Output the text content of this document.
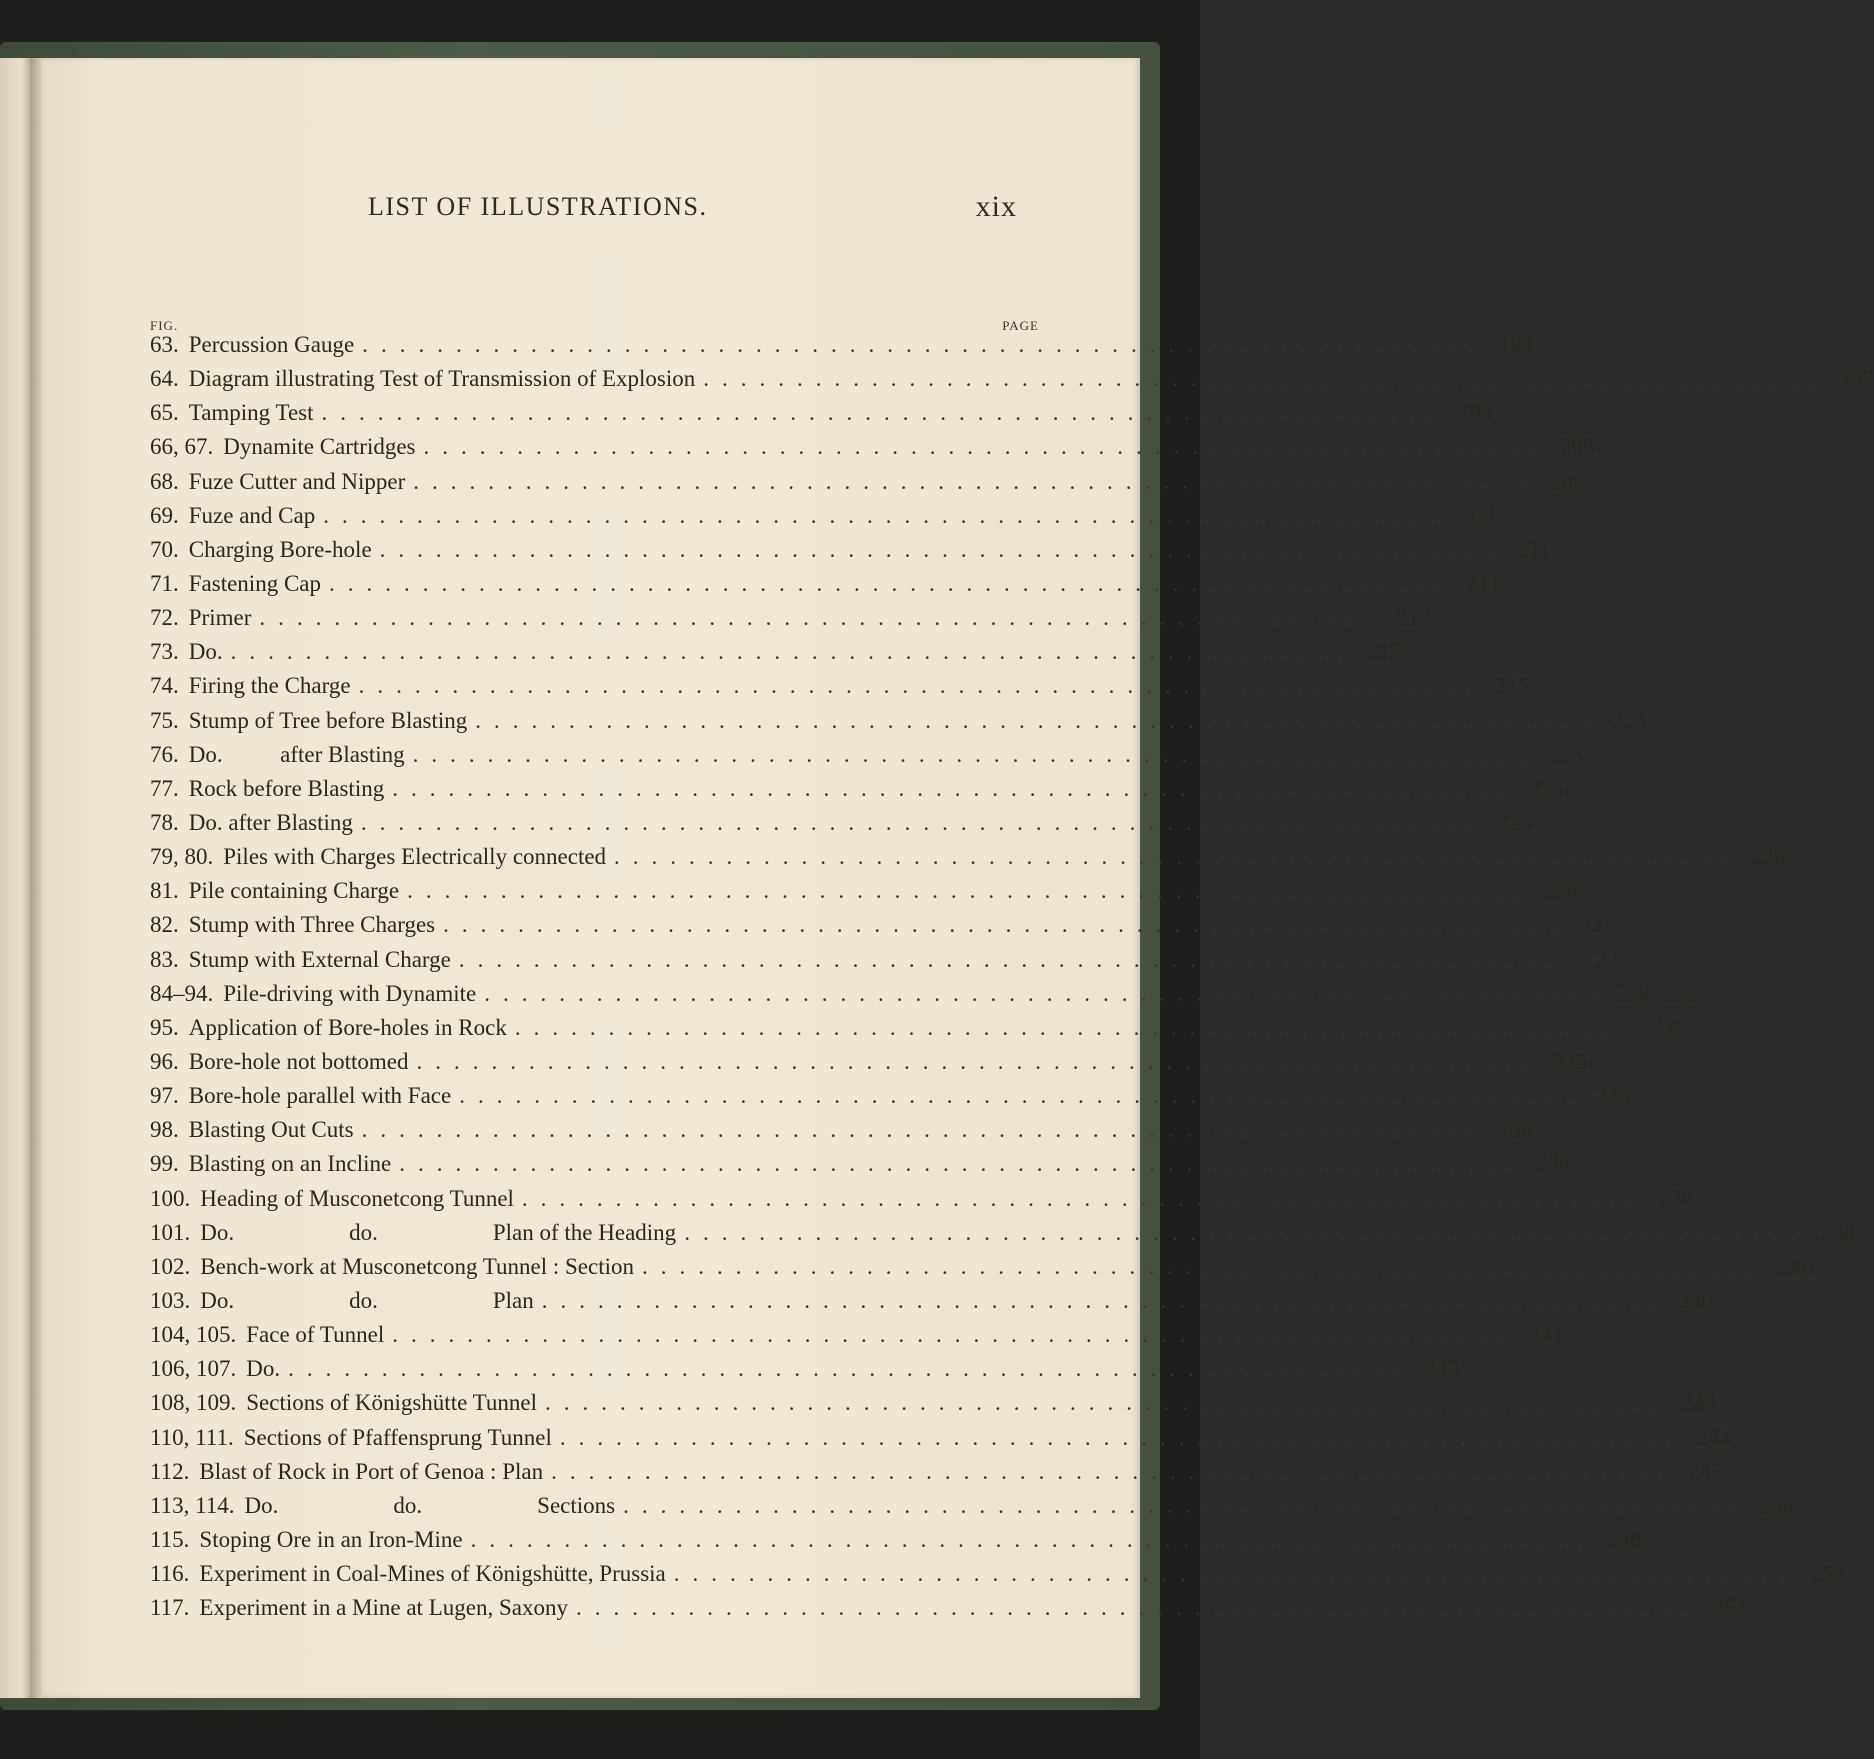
LIST OF ILLUSTRATIONS.	xix
FIG.	PAGE
63. Percussion Gauge ............................................................ 193
64. Diagram illustrating Test of Transmission of Explosion ............................................................ 197
65. Tamping Test ............................................................ 199
66, 67. Dynamite Cartridges ............................................................ 208
68. Fuze Cutter and Nipper ............................................................ 209
69. Fuze and Cap ............................................................ 209
70. Charging Bore-hole ............................................................ 211
71. Fastening Cap ............................................................ 211
72. Primer ............................................................ 212
73. Do. ............................................................ 215
74. Firing the Charge ............................................................ 215
75. Stump of Tree before Blasting ............................................................ 223
76. Do.          after Blasting ............................................................ 223
77. Rock before Blasting ............................................................ 225
78. Do. after Blasting ............................................................ 225
79, 80. Piles with Charges Electrically connected ............................................................ 226
81. Pile containing Charge ............................................................ 226
82. Stump with Three Charges ............................................................ 227
83. Stump with External Charge ............................................................ 227
84–94. Pile-driving with Dynamite ............................................................ 229–232
95. Application of Bore-holes in Rock ............................................................ 235
96. Bore-hole not bottomed ............................................................ 235
97. Bore-hole parallel with Face ............................................................ 235
98. Blasting Out Cuts ............................................................ 236
99. Blasting on an Incline ............................................................ 236
100. Heading of Musconetcong Tunnel ............................................................ 238
101. Do.                    do.                    Plan of the Heading ............................................................ 238
102. Bench-work at Musconetcong Tunnel : Section ............................................................ 240
103. Do.                    do.                    Plan ............................................................ 240
104, 105. Face of Tunnel ............................................................ 241
106, 107. Do. ............................................................ 243
108, 109. Sections of Königshütte Tunnel ............................................................ 243
110, 111. Sections of Pfaffensprung Tunnel ............................................................ 244
112. Blast of Rock in Port of Genoa : Plan ............................................................ 245
113, 114. Do.                    do.                    Sections ............................................................ 246
115. Stoping Ore in an Iron-Mine ............................................................ 248
116. Experiment in Coal-Mines of Königshütte, Prussia ............................................................ 253
117. Experiment in a Mine at Lugen, Saxony ............................................................ 254
